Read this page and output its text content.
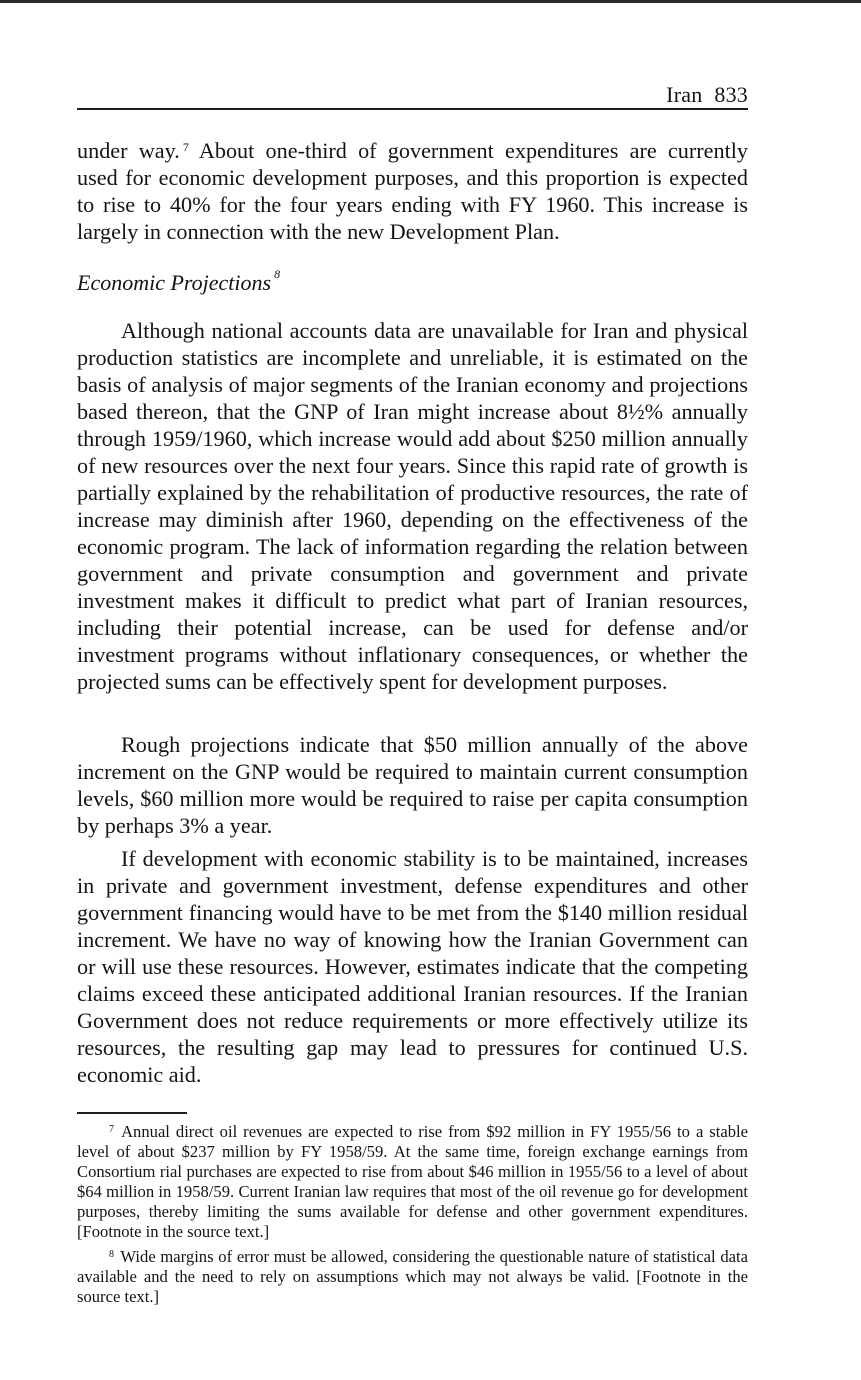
Iran 833

under way. $^7$ About one-third of government expenditures are currently used for economic development purposes, and this proportion is expected to rise to 40% for the four years ending with FY 1960. This increase is largely in connection with the new Development Plan.

Economic Projections $^8$

Although national accounts data are unavailable for Iran and physical production statistics are incomplete and unreliable, it is estimated on the basis of analysis of major segments of the Iranian economy and projections based thereon, that the GNP of Iran might increase about 8½% annually through 1959/1960, which increase would add about $250 million annually of new resources over the next four years. Since this rapid rate of growth is partially explained by the rehabilitation of productive resources, the rate of increase may diminish after 1960, depending on the effectiveness of the economic program. The lack of information regarding the relation between government and private consumption and government and private investment makes it difficult to predict what part of Iranian resources, including their potential increase, can be used for defense and/or investment programs without inflationary consequences, or whether the projected sums can be effectively spent for development purposes.

Rough projections indicate that $50 million annually of the above increment on the GNP would be required to maintain current consumption levels, $60 million more would be required to raise per capita consumption by perhaps 3% a year.

If development with economic stability is to be maintained, increases in private and government investment, defense expenditures and other government financing would have to be met from the $140 million residual increment. We have no way of knowing how the Iranian Government can or will use these resources. However, estimates indicate that the competing claims exceed these anticipated additional Iranian resources. If the Iranian Government does not reduce requirements or more effectively utilize its resources, the resulting gap may lead to pressures for continued U.S. economic aid.

$^7$ Annual direct oil revenues are expected to rise from $92 million in FY 1955/56 to a stable level of about $237 million by FY 1958/59. At the same time, foreign exchange earnings from Consortium rial purchases are expected to rise from about $46 million in 1955/56 to a level of about $64 million in 1958/59. Current Iranian law requires that most of the oil revenue go for development purposes, thereby limiting the sums available for defense and other government expenditures. [Footnote in the source text.]

$^8$ Wide margins of error must be allowed, considering the questionable nature of statistical data available and the need to rely on assumptions which may not always be valid. [Footnote in the source text.]
